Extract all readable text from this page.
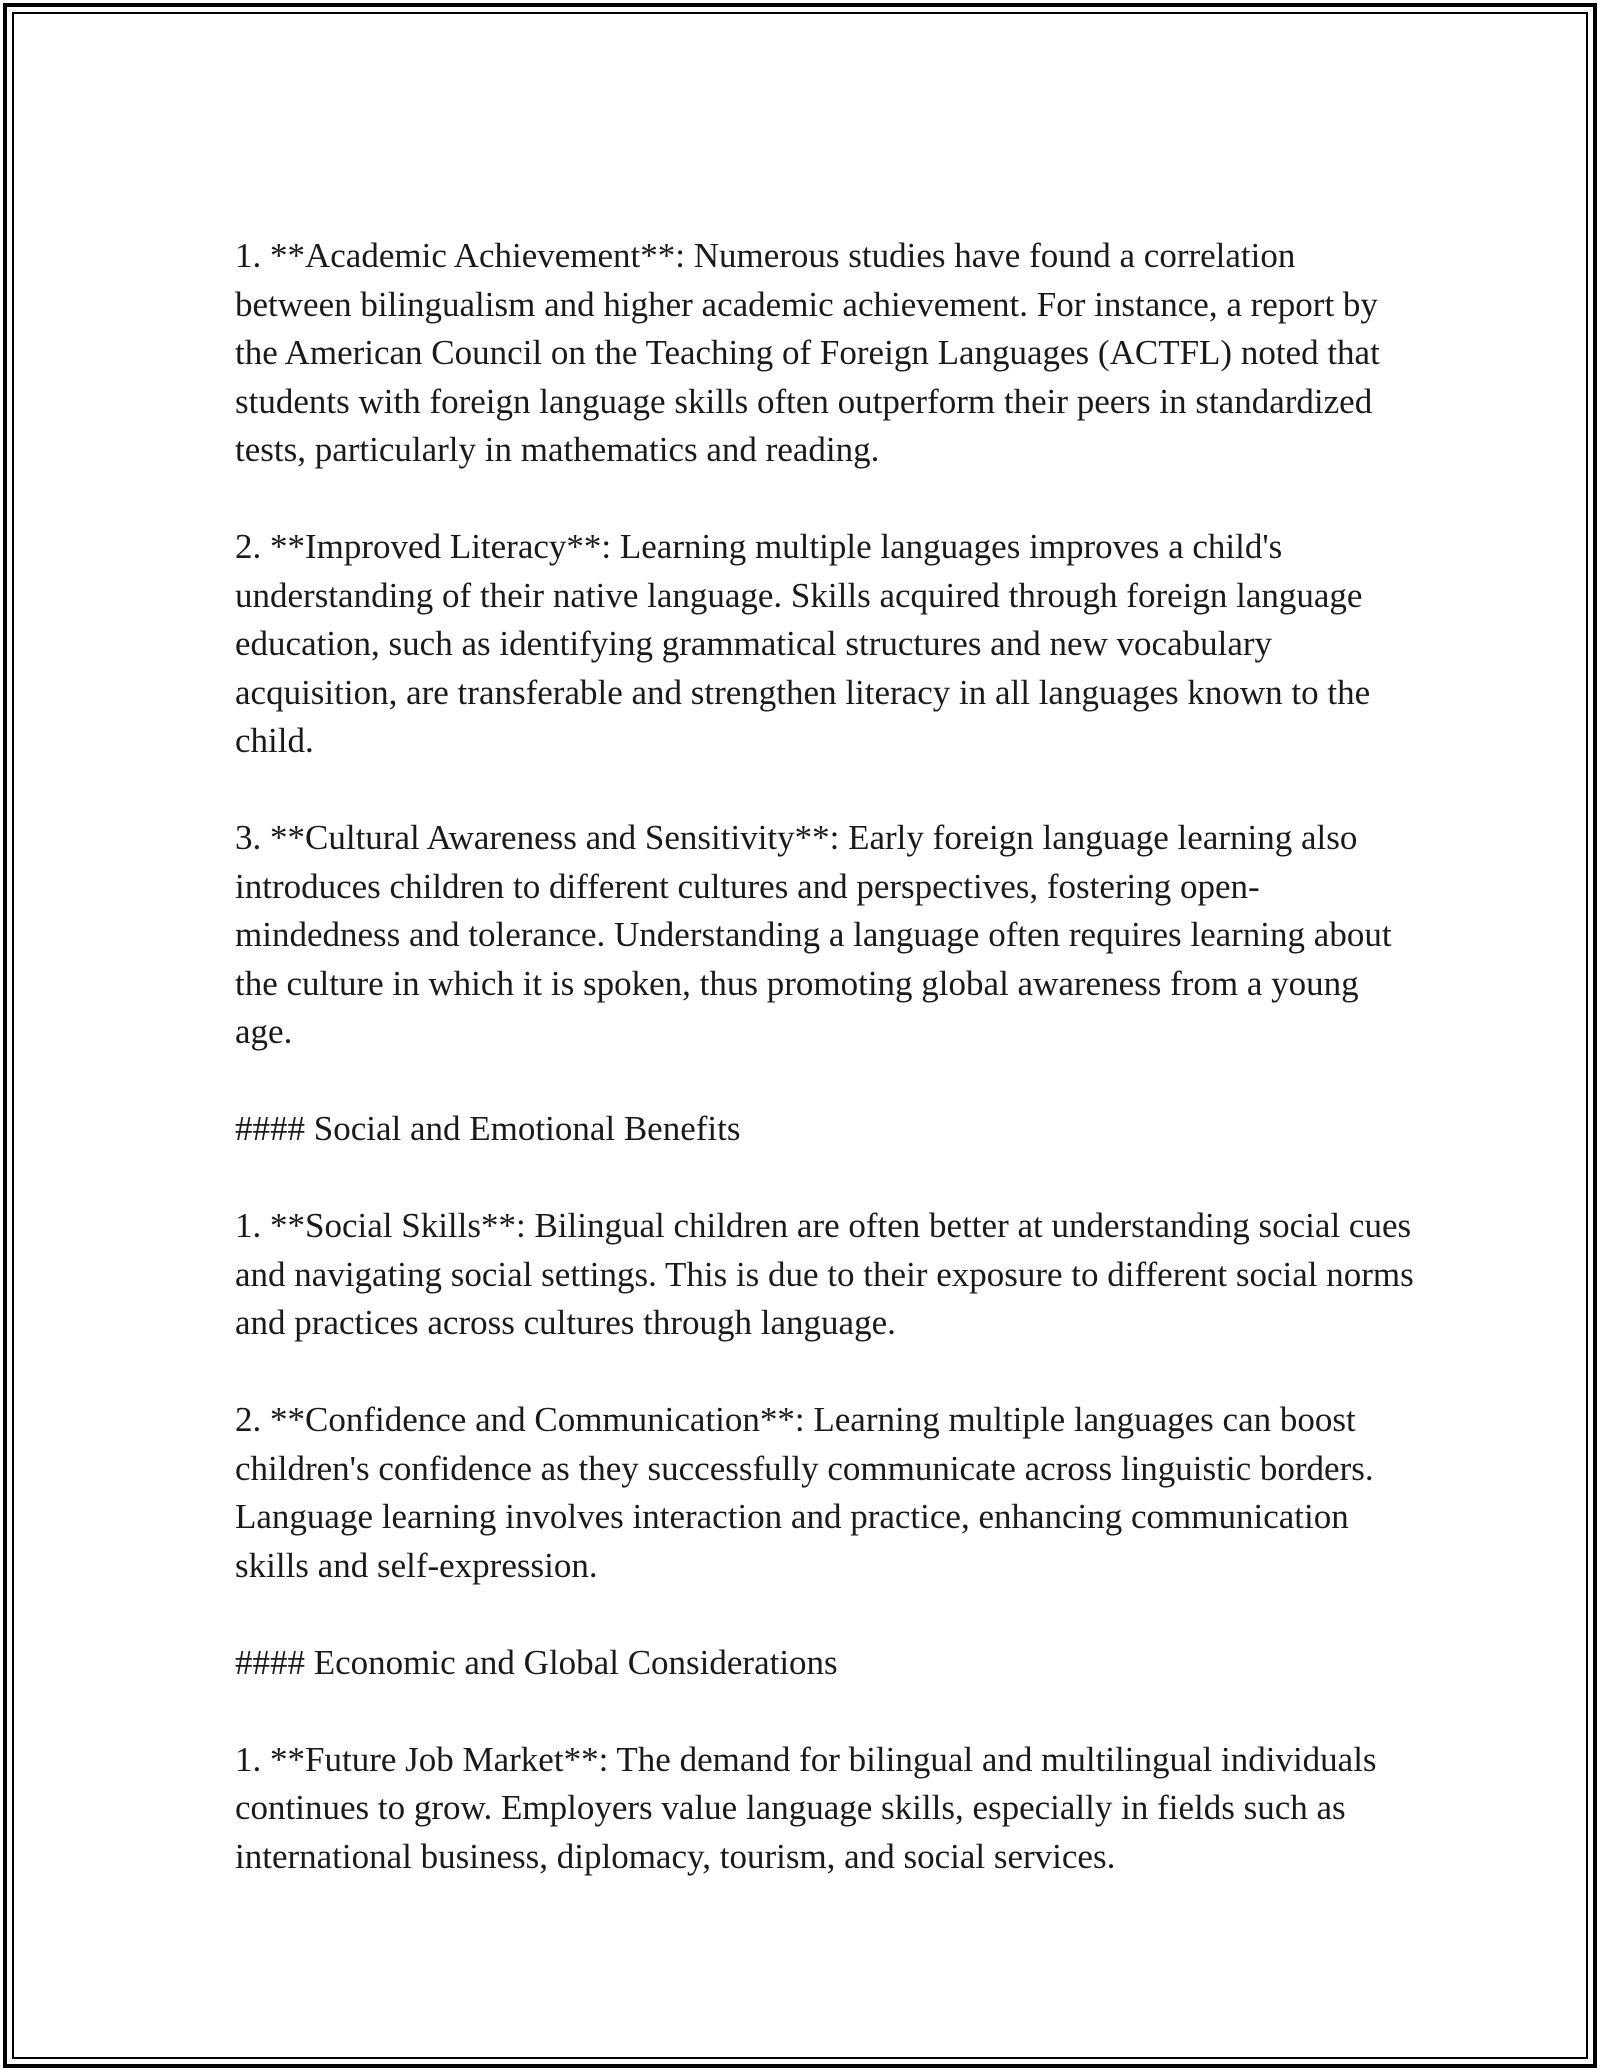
1. **Academic Achievement**: Numerous studies have found a correlation between bilingualism and higher academic achievement. For instance, a report by the American Council on the Teaching of Foreign Languages (ACTFL) noted that students with foreign language skills often outperform their peers in standardized tests, particularly in mathematics and reading.

2. **Improved Literacy**: Learning multiple languages improves a child's understanding of their native language. Skills acquired through foreign language education, such as identifying grammatical structures and new vocabulary acquisition, are transferable and strengthen literacy in all languages known to the child.

3. **Cultural Awareness and Sensitivity**: Early foreign language learning also introduces children to different cultures and perspectives, fostering open-mindedness and tolerance. Understanding a language often requires learning about the culture in which it is spoken, thus promoting global awareness from a young age.

#### Social and Emotional Benefits

1. **Social Skills**: Bilingual children are often better at understanding social cues and navigating social settings. This is due to their exposure to different social norms and practices across cultures through language.

2. **Confidence and Communication**: Learning multiple languages can boost children's confidence as they successfully communicate across linguistic borders. Language learning involves interaction and practice, enhancing communication skills and self-expression.

#### Economic and Global Considerations

1. **Future Job Market**: The demand for bilingual and multilingual individuals continues to grow. Employers value language skills, especially in fields such as international business, diplomacy, tourism, and social services.
